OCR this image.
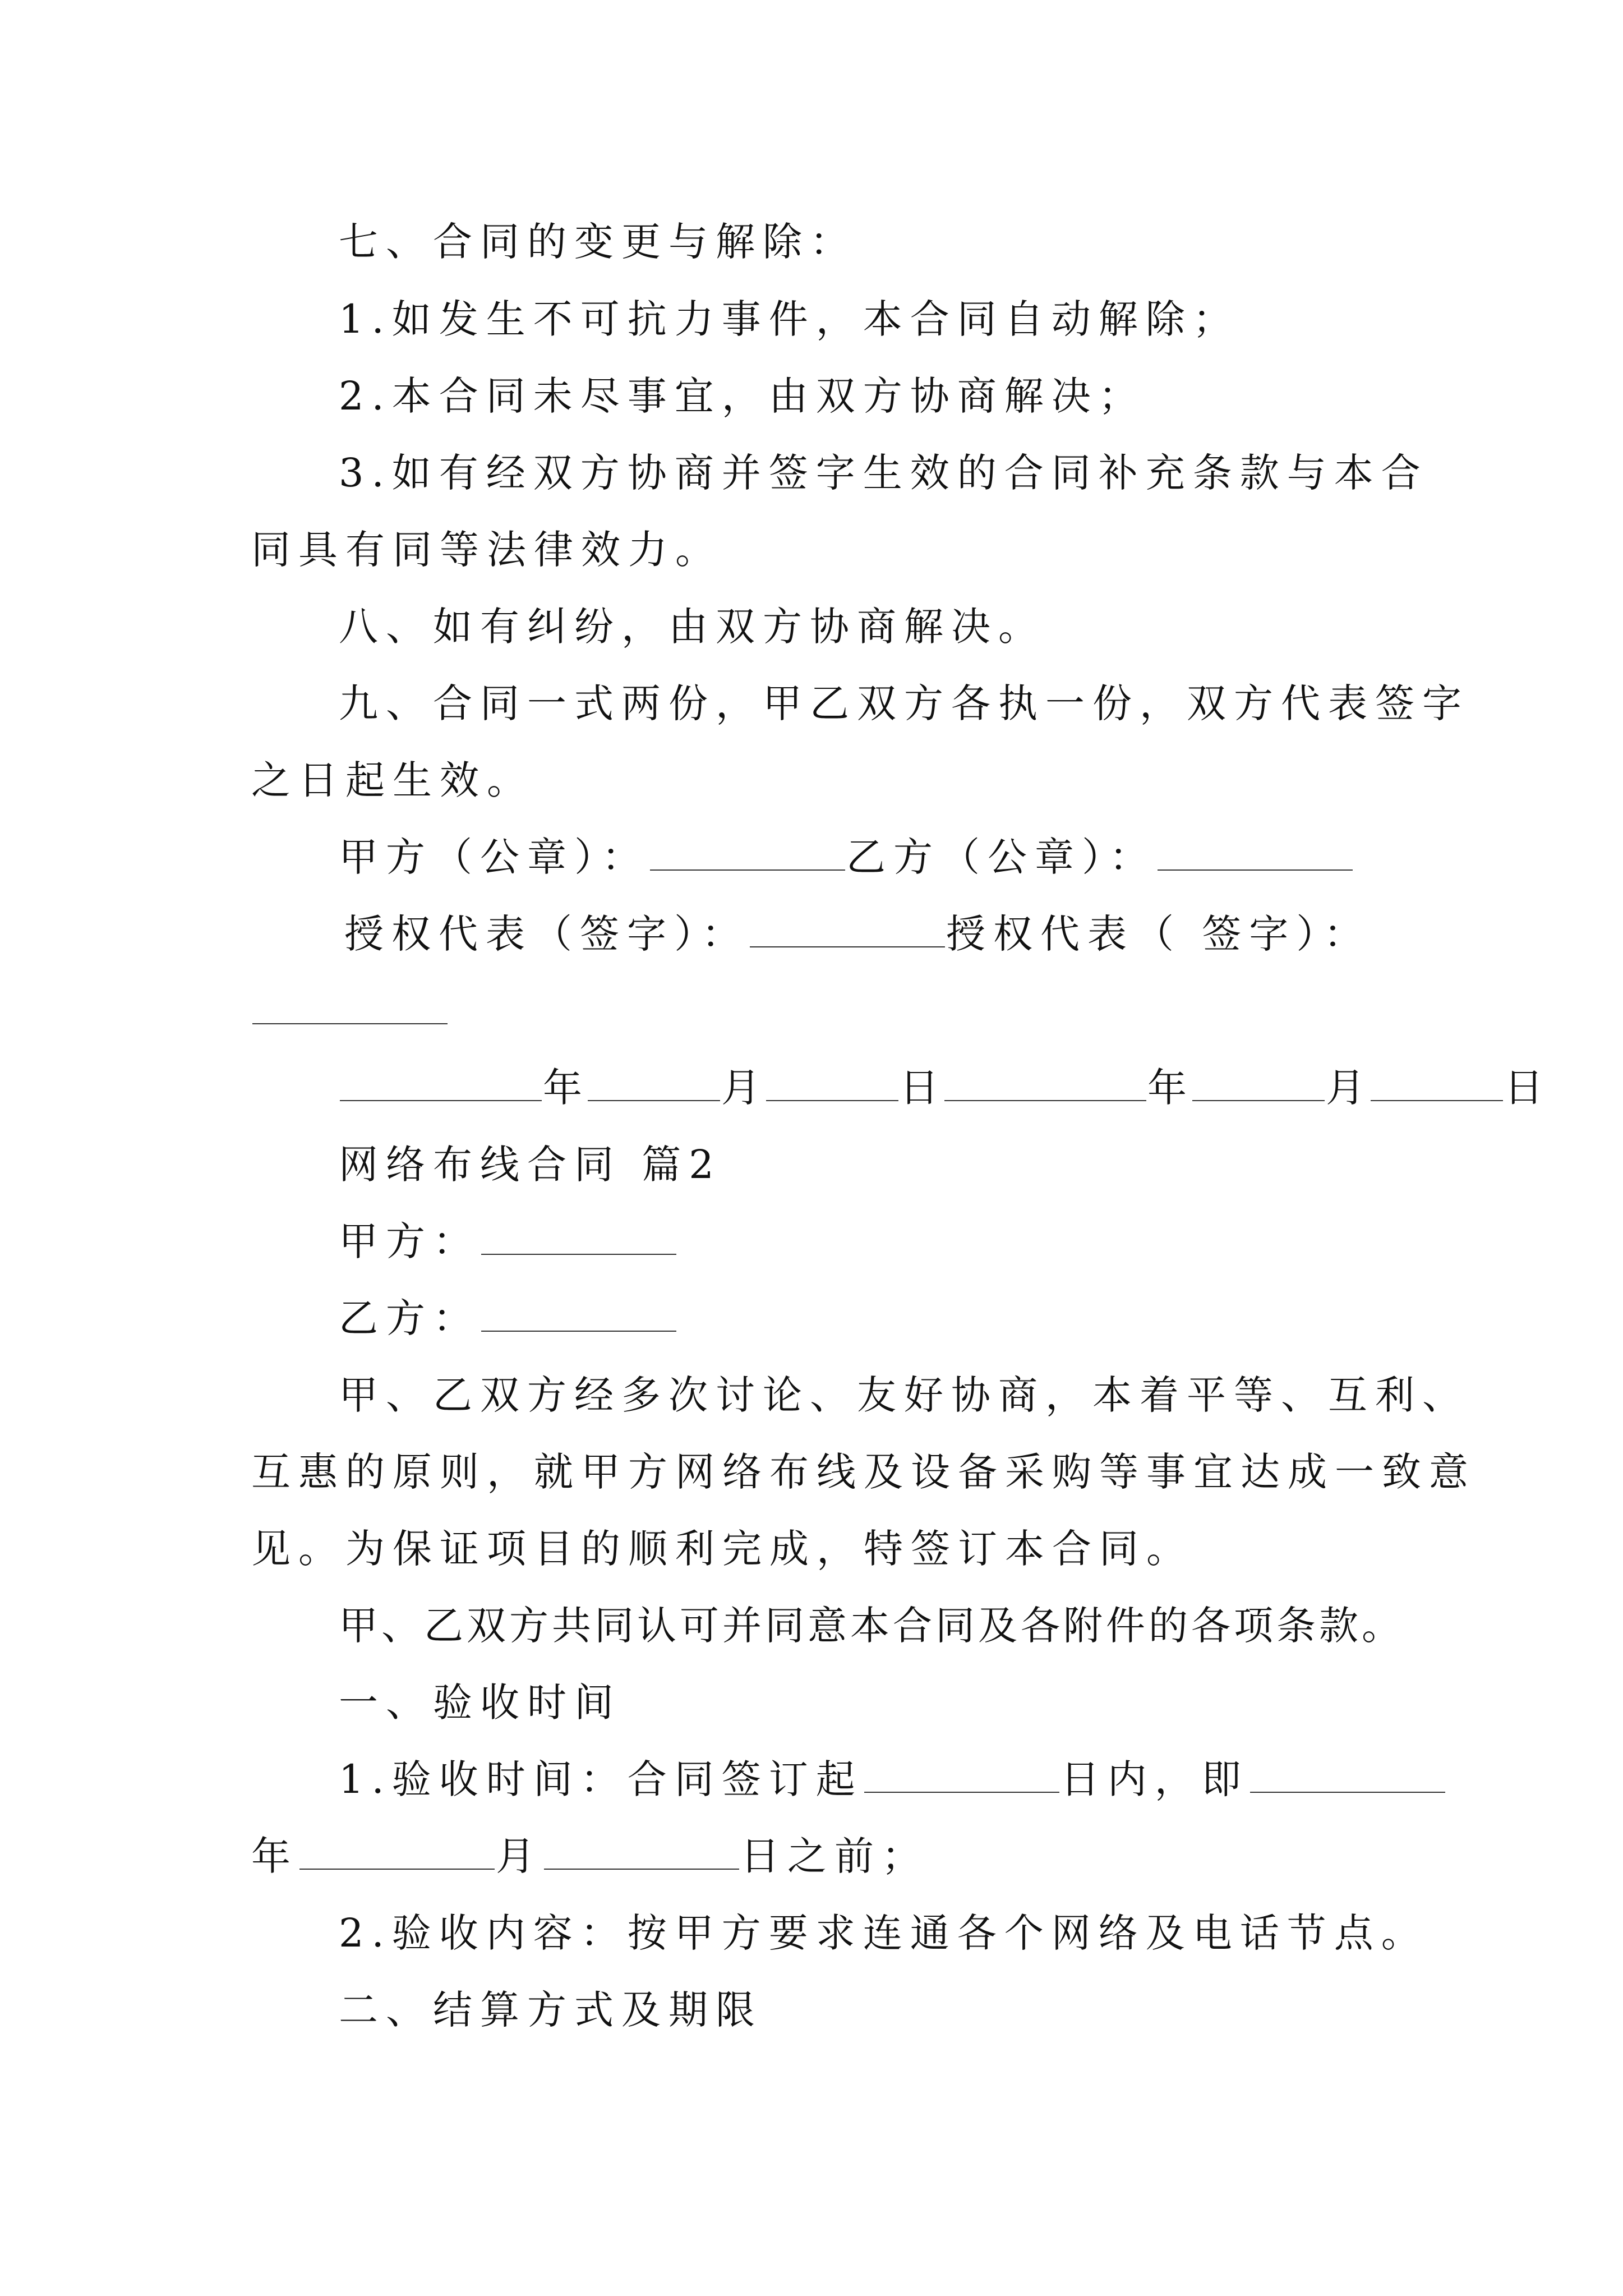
七、合同的变更与解除：
1.如发生不可抗力事件，本合同自动解除；
2.本合同未尽事宜，由双方协商解决；
3.如有经双方协商并签字生效的合同补充条款与本合
同具有同等法律效力。
八、如有纠纷，由双方协商解决。
九、合同一式两份，甲乙双方各执一份，双方代表签字
之日起生效。
甲方（公章）：	乙方（公章）：
授权代表（签字）：	授权代表（ 签字）：
年	月	日	年	月	日
网络布线合同 篇2
甲方：
乙方：
甲、乙双方经多次讨论、友好协商，本着平等、互利、
互惠的原则，就甲方网络布线及设备采购等事宜达成一致意
见。为保证项目的顺利完成，特签订本合同。
甲、乙双方共同认可并同意本合同及各附件的各项条款。
一、验收时间
1.验收时间：合同签订起	日内，即
年	月	日之前；
2.验收内容：按甲方要求连通各个网络及电话节点。
二、结算方式及期限
